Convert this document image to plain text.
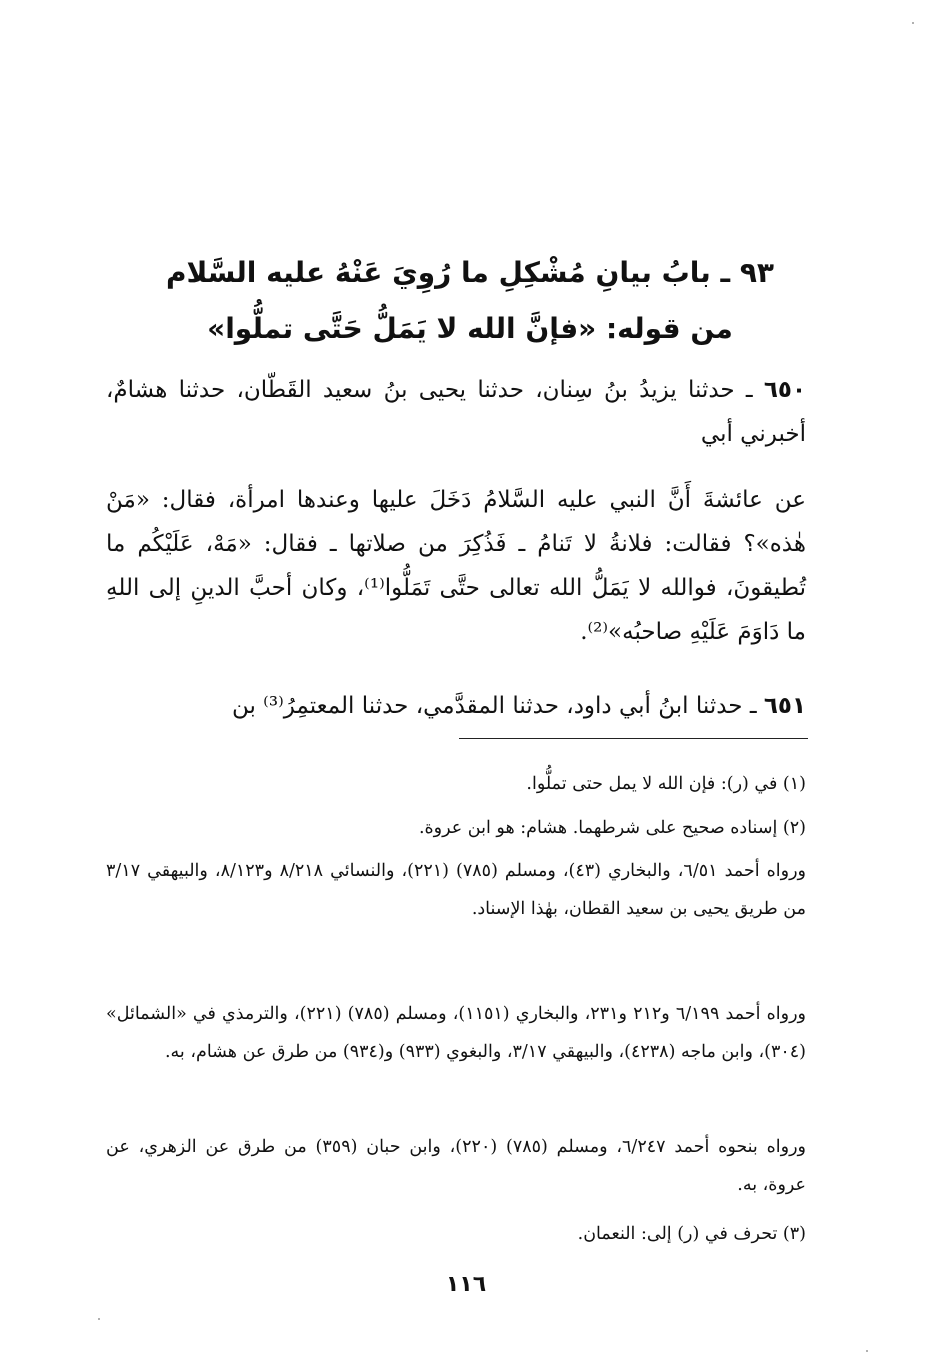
٩٣ ـ بابُ بيانِ مُشْكِلِ ما رُوِيَ عَنْهُ عليه السَّلام
من قوله: «فإنَّ الله لا يَمَلُّ حَتَّى تملُّوا»
٦٥٠ ـ حدثنا يزيدُ بنُ سِنان، حدثنا يحيى بنُ سعيد القَطّان، حدثنا هشامٌ، أخبرني أبي
عن عائشةَ أَنَّ النبي عليه السَّلامُ دَخَلَ عليها وعندها امرأة، فقال: «مَنْ هٰذه»؟ فقالت: فلانةُ لا تَنامُ ـ فَذُكِرَ من صلاتها ـ فقال: «مَهْ، عَلَيْكُم ما تُطيقونَ، فوالله لا يَمَلُّ الله تعالى حتَّى تَمَلُّوا⁽¹⁾، وكان أحبَّ الدينِ إلى اللهِ ما دَاوَمَ عَلَيْهِ صاحبُه»⁽²⁾.
٦٥١ ـ حدثنا ابنُ أبي داود، حدثنا المقدَّمي، حدثنا المعتمِرُ⁽³⁾ بن
(١) في (ر): فإن الله لا يمل حتى تملُّوا.
(٢) إسناده صحيح على شرطهما. هشام: هو ابن عروة.
ورواه أحمد ٦/٥١، والبخاري (٤٣)، ومسلم (٧٨٥) (٢٢١)، والنسائي ٨/٢١٨ و٨/١٢٣، والبيهقي ٣/١٧ من طريق يحيى بن سعيد القطان، بهٰذا الإسناد.
ورواه أحمد ٦/١٩٩ و٢١٢ و٢٣١، والبخاري (١١٥١)، ومسلم (٧٨٥) (٢٢١)، والترمذي في «الشمائل» (٣٠٤)، وابن ماجه (٤٢٣٨)، والبيهقي ٣/١٧، والبغوي (٩٣٣) و(٩٣٤) من طرق عن هشام، به.
ورواه بنحوه أحمد ٦/٢٤٧، ومسلم (٧٨٥) (٢٢٠)، وابن حبان (٣٥٩) من طرق عن الزهري، عن عروة، به.
(٣) تحرف في (ر) إلى: النعمان.
١١٦
